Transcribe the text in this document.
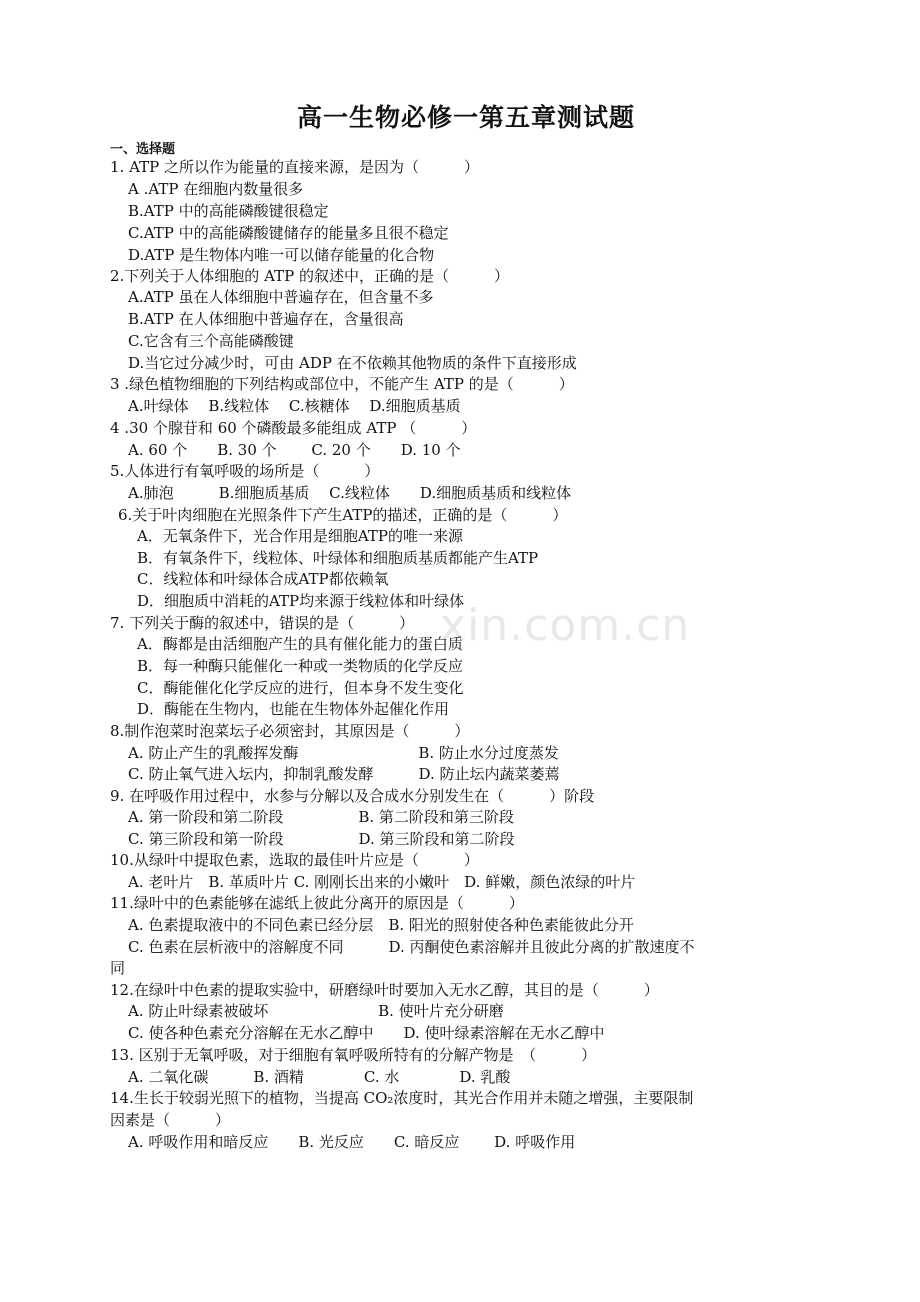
高一生物必修一第五章测试题
一、选择题
xin.com.cn
1. ATP 之所以作为能量的直接来源，是因为（　　　）
A .ATP 在细胞内数量很多
B.ATP 中的高能磷酸键很稳定
C.ATP 中的高能磷酸键储存的能量多且很不稳定
D.ATP 是生物体内唯一可以储存能量的化合物
2.下列关于人体细胞的 ATP 的叙述中，正确的是（　　　）
A.ATP 虽在人体细胞中普遍存在，但含量不多
B.ATP 在人体细胞中普遍存在，含量很高
C.它含有三个高能磷酸键
D.当它过分减少时，可由 ADP 在不依赖其他物质的条件下直接形成
3 .绿色植物细胞的下列结构或部位中，不能产生 ATP 的是（　　　）
A.叶绿体　 B.线粒体　 C.核糖体　 D.细胞质基质
4 .30 个腺苷和 60 个磷酸最多能组成 ATP （　　　）
A. 60 个　　B. 30 个　　 C. 20 个　　D. 10 个
5.人体进行有氧呼吸的场所是（　　　）
A.肺泡　　　B.细胞质基质　 C.线粒体　　D.细胞质基质和线粒体
6.关于叶肉细胞在光照条件下产生ATP的描述，正确的是（　　　）
A．无氧条件下，光合作用是细胞ATP的唯一来源
B．有氧条件下，线粒体、叶绿体和细胞质基质都能产生ATP
C．线粒体和叶绿体合成ATP都依赖氧
D．细胞质中消耗的ATP均来源于线粒体和叶绿体
7. 下列关于酶的叙述中，错误的是（　　　）
A．酶都是由活细胞产生的具有催化能力的蛋白质
B．每一种酶只能催化一种或一类物质的化学反应
C．酶能催化化学反应的进行，但本身不发生变化
D．酶能在生物内，也能在生物体外起催化作用
8.制作泡菜时泡菜坛子必须密封，其原因是（　　　）
A. 防止产生的乳酸挥发酶　　　　　　　　B. 防止水分过度蒸发
C. 防止氧气进入坛内，抑制乳酸发酵　　　D. 防止坛内蔬菜萎蔫
9. 在呼吸作用过程中，水参与分解以及合成水分别发生在（　　　）阶段
A. 第一阶段和第二阶段　　　　　B. 第二阶段和第三阶段
C. 第三阶段和第一阶段　　　　　D. 第三阶段和第二阶段
10.从绿叶中提取色素，选取的最佳叶片应是（　　　）
A. 老叶片　B. 革质叶片 C. 刚刚长出来的小嫩叶　D. 鲜嫩，颜色浓绿的叶片
11.绿叶中的色素能够在滤纸上彼此分离开的原因是（　　　）
A. 色素提取液中的不同色素已经分层　B. 阳光的照射使各种色素能彼此分开
C. 色素在层析液中的溶解度不同　　　D. 丙酮使色素溶解并且彼此分离的扩散速度不
同
12.在绿叶中色素的提取实验中，研磨绿叶时要加入无水乙醇，其目的是（　　　）
A. 防止叶绿素被破坏　　　　　　　 B. 使叶片充分研磨
C. 使各种色素充分溶解在无水乙醇中　　D. 使叶绿素溶解在无水乙醇中
13. 区别于无氧呼吸，对于细胞有氧呼吸所特有的分解产物是　（　　　）
A. 二氧化碳　　　B. 酒精　　　　C. 水　　　　D. 乳酸
14.生长于较弱光照下的植物，当提高 CO₂浓度时，其光合作用并未随之增强，主要限制
因素是（　　　）
A. 呼吸作用和暗反应　　B. 光反应　　C. 暗反应　　 D. 呼吸作用
